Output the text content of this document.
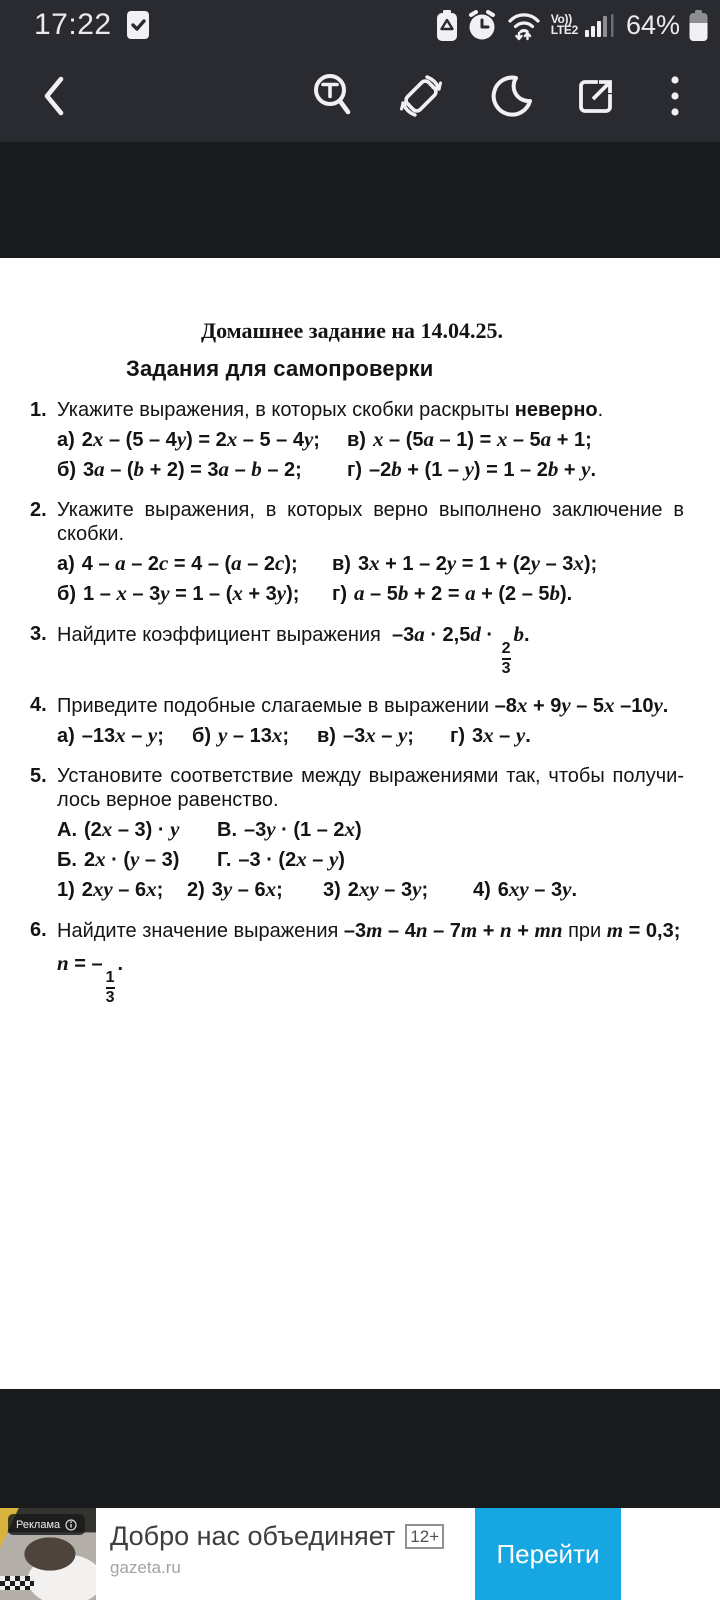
17:22	Vo))
LTE2 64%
Домашнее задание на 14.04.25.
Задания для самопроверки
1. Укажите выражения, в которых скобки раскрыты неверно.
а) 2x – (5 – 4y) = 2x – 5 – 4y;	в) x – (5a – 1) = x – 5a + 1;
б) 3a – (b + 2) = 3a – b – 2;	г) –2b + (1 – y) = 1 – 2b + y.
2. Укажите выражения, в которых верно выполнено заключение в
скобки.
а) 4 – a – 2c = 4 – (a – 2c);	в) 3x + 1 – 2y = 1 + (2y – 3x);
б) 1 – x – 3y = 1 – (x + 3y);	г) a – 5b + 2 = a + (2 – 5b).
3. Найдите коэффициент выражения –3a · 2,5d ·
$\frac{2}{3}$
b.
4. Приведите подобные слагаемые в выражении –8x + 9y – 5x –10y.
а) –13x – y;	б) y – 13x;	в) –3x – y;	г) 3x – y.
5. Установите соответствие между выражениями так, чтобы получи-
лось верное равенство.
А. (2x – 3) · y	В. –3y · (1 – 2x)
Б. 2x · (y – 3)	Г. –3 · (2x – y)
1) 2xy – 6x;	2) 3y – 6x;	3) 2xy – 3y;	4) 6xy – 3y.
6. Найдите значение выражения –3m – 4n – 7m + n + mn при m = 0,3;
n = –
$\frac{1}{3}$
.
Реклама Добро нас объединяет 12+
gazeta.ru	Перейти
